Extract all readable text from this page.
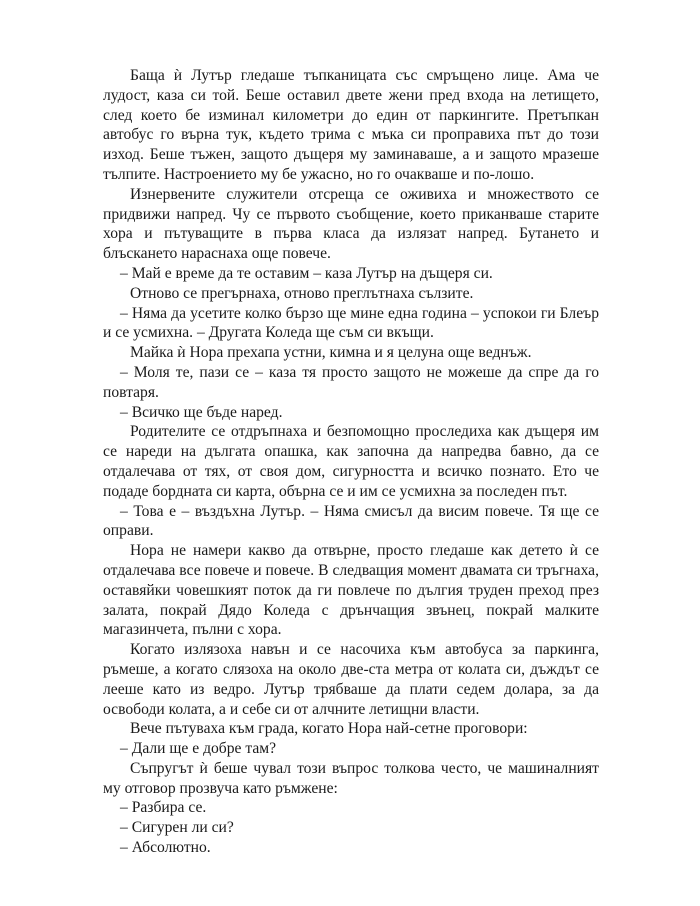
Баща ѝ Лутър гледаше тъпканицата със смръщено лице. Ама че лудост, каза си той. Беше оставил двете жени пред входа на летището, след което бе изминал километри до един от паркингите. Претъпкан автобус го върна тук, където трима с мъка си проправиха път до този изход. Беше тъжен, защото дъщеря му заминаваше, а и защото мразеше тълпите. Настроението му бе ужасно, но го очакваше и по-лошо.

Изнервените служители отсреща се оживиха и множеството се придвижи напред. Чу се първото съобщение, което приканваше старите хора и пътуващите в първа класа да излязат напред. Бутането и блъскането нараснаха още повече.

– Май е време да те оставим – каза Лутър на дъщеря си.

Отново се прегърнаха, отново преглътнаха сълзите.

– Няма да усетите колко бързо ще мине една година – успокои ги Блеър и се усмихна. – Другата Коледа ще съм си вкъщи.

Майка ѝ Нора прехапа устни, кимна и я целуна още веднъж.

– Моля те, пази се – каза тя просто защото не можеше да спре да го повтаря.

– Всичко ще бъде наред.

Родителите се отдръпнаха и безпомощно проследиха как дъщеря им се нареди на дългата опашка, как започна да напредва бавно, да се отдалечава от тях, от своя дом, сигурността и всичко познато. Ето че подаде бордната си карта, обърна се и им се усмихна за последен път.

– Това е – въздъхна Лутър. – Няма смисъл да висим повече. Тя ще се оправи.

Нора не намери какво да отвърне, просто гледаше как детето ѝ се отдалечава все повече и повече. В следващия момент двамата си тръгнаха, оставяйки човешкият поток да ги повлече по дългия труден преход през залата, покрай Дядо Коледа с дрънчащия звънец, покрай малките магазинчета, пълни с хора.

Когато излязоха навън и се насочиха към автобуса за паркинга, ръмеше, а когато слязоха на около две-ста метра от колата си, дъждът се лееше като из ведро. Лутър трябваше да плати седем долара, за да освободи колата, а и себе си от алчните летищни власти.

Вече пътуваха към града, когато Нора най-сетне проговори:

– Дали ще е добре там?

Съпругът ѝ беше чувал този въпрос толкова често, че машиналният му отговор прозвуча като ръмжене:

– Разбира се.

– Сигурен ли си?

– Абсолютно.
